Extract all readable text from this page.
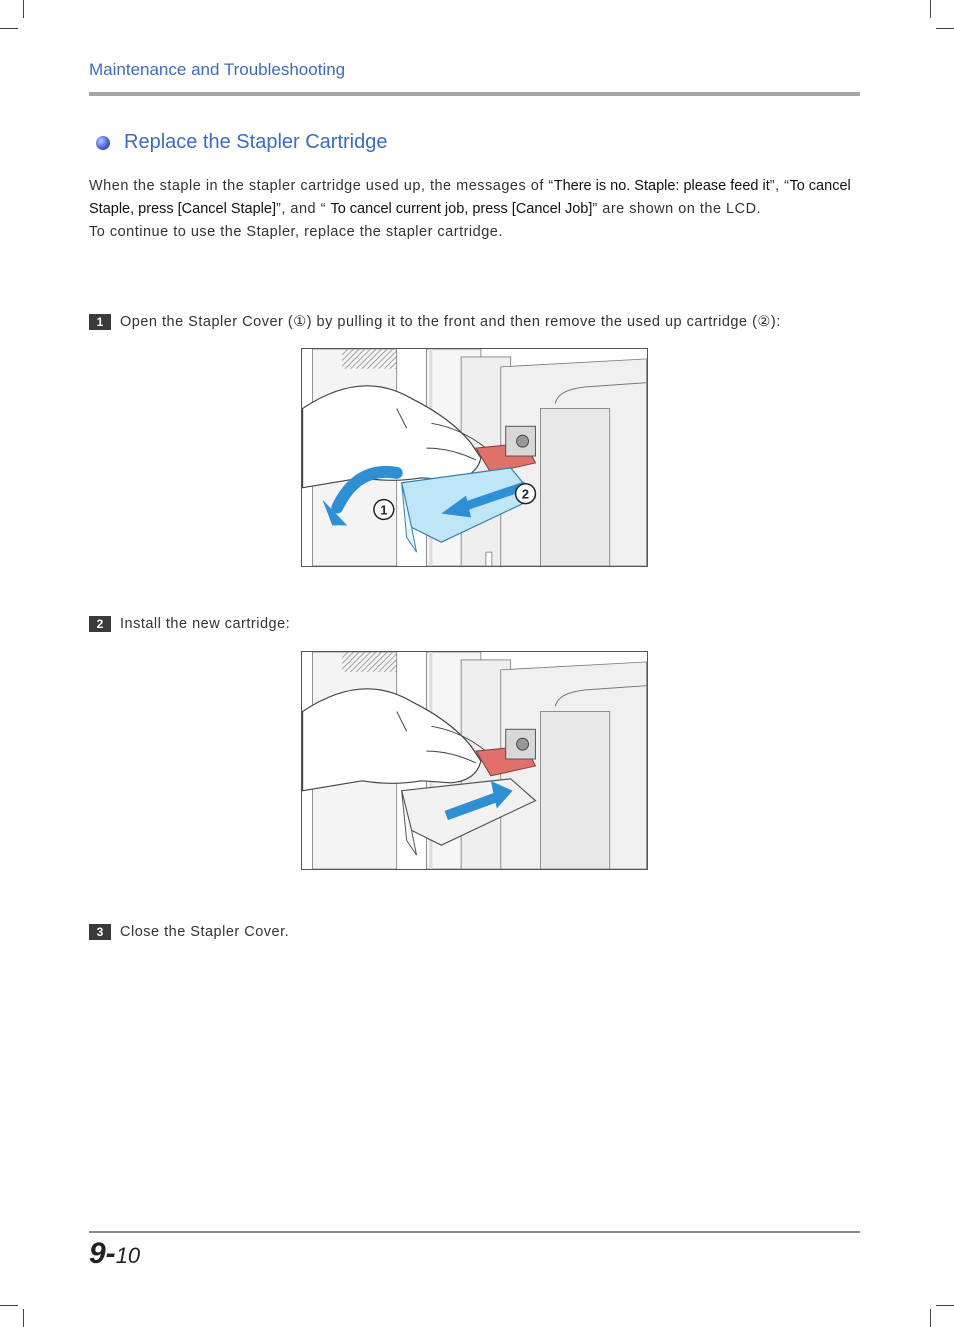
Maintenance and Troubleshooting
Replace the Stapler Cartridge
When the staple in the stapler cartridge used up, the messages of “There is no. Staple: please feed it”, “To cancel Staple, press [Cancel Staple]”, and “ To cancel current job, press [Cancel Job]” are shown on the LCD.
To continue to use the Stapler, replace the stapler cartridge.
1	Open the Stapler Cover (①) by pulling it to the front and then remove the used up cartridge (②):
1
2
2	Install the new cartridge:
3	Close the Stapler Cover.
9-10
